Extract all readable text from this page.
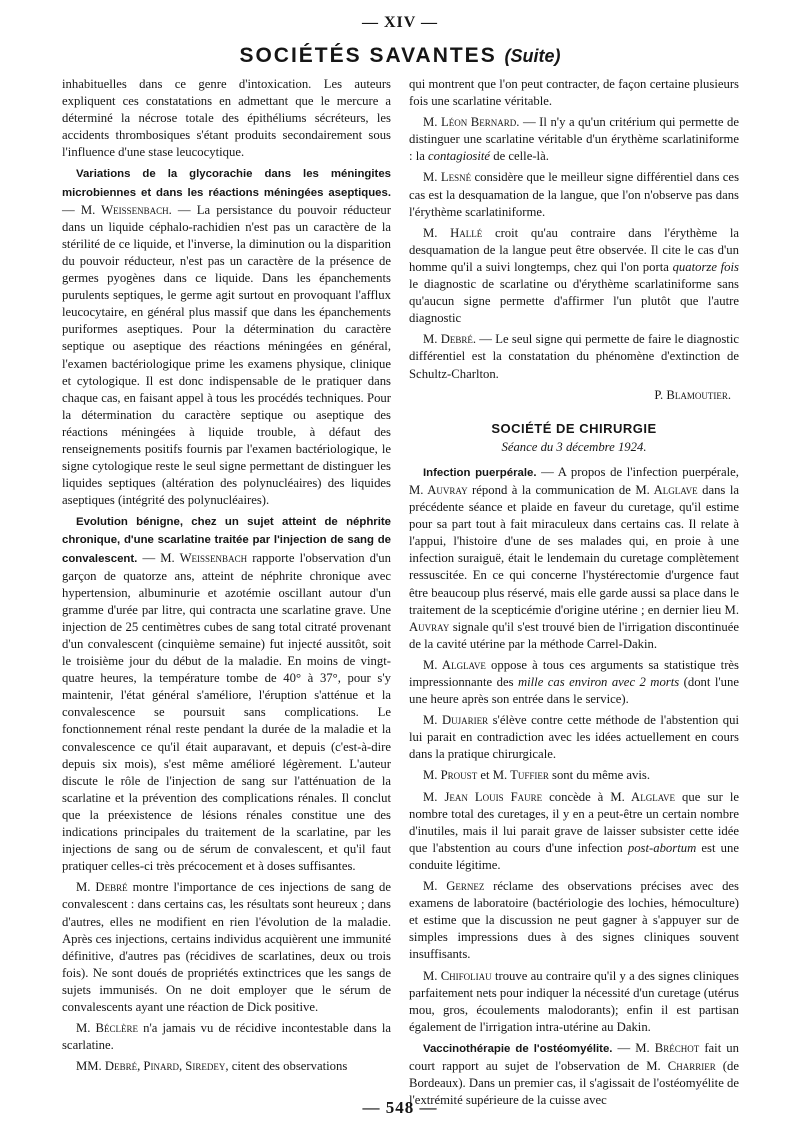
— XIV —
SOCIÉTÉS SAVANTES (Suite)

inhabituelles dans ce genre d'intoxication. Les auteurs expliquent ces constatations en admettant que le mercure a déterminé la nécrose totale des épithéliums sécréteurs, les accidents thrombosiques s'étant produits secondairement sous l'influence d'une stase leucocytique.

Variations de la glycorachie dans les méningites microbiennes et dans les réactions méningées aseptiques. — M. Weissenbach. — La persistance du pouvoir réducteur dans un liquide céphalo-rachidien n'est pas un caractère de la stérilité de ce liquide, et l'inverse, la diminution ou la disparition du pouvoir réducteur, n'est pas un caractère de la présence de germes pyogènes dans ce liquide. Dans les épanchements purulents septiques, le germe agit surtout en provoquant l'afflux leucocytaire, en général plus massif que dans les épanchements puriformes aseptiques. Pour la détermination du caractère septique ou aseptique des réactions méningées en général, l'examen bactériologique prime les examens physique, clinique et cytologique. Il est donc indispensable de le pratiquer dans chaque cas, en faisant appel à tous les procédés techniques. Pour la détermination du caractère septique ou aseptique des réactions méningées à liquide trouble, à défaut des renseignements positifs fournis par l'examen bactériologique, le signe cytologique reste le seul signe permettant de distinguer les liquides septiques (altération des polynucléaires) des liquides aseptiques (intégrité des polynucléaires).

Evolution bénigne, chez un sujet atteint de néphrite chronique, d'une scarlatine traitée par l'injection de sang de convalescent. — M. Weissenbach rapporte l'observation d'un garçon de quatorze ans, atteint de néphrite chronique avec hypertension, albuminurie et azotémie oscillant autour d'un gramme d'urée par litre, qui contracta une scarlatine grave. Une injection de 25 centimètres cubes de sang total citraté provenant d'un convalescent (cinquième semaine) fut injecté aussitôt, soit le troisième jour du début de la maladie. En moins de vingt-quatre heures, la température tombe de 40° à 37°, pour s'y maintenir, l'état général s'améliore, l'éruption s'atténue et la convalescence se poursuit sans complications. Le fonctionnement rénal reste pendant la durée de la maladie et la convalescence ce qu'il était auparavant, et depuis (c'est-à-dire depuis six mois), s'est même amélioré légèrement. L'auteur discute le rôle de l'injection de sang sur l'atténuation de la scarlatine et la prévention des complications rénales. Il conclut que la préexistence de lésions rénales constitue une des indications principales du traitement de la scarlatine, par les injections de sang ou de sérum de convalescent, et qu'il faut pratiquer celles-ci très précocement et à doses suffisantes.

M. Debré montre l'importance de ces injections de sang de convalescent : dans certains cas, les résultats sont heureux ; dans d'autres, elles ne modifient en rien l'évolution de la maladie. Après ces injections, certains individus acquièrent une immunité définitive, d'autres pas (récidives de scarlatines, deux ou trois fois). Ne sont doués de propriétés extinctrices que les sangs de sujets immunisés. On ne doit employer que le sérum de convalescents ayant une réaction de Dick positive.

M. Béclère n'a jamais vu de récidive incontestable dans la scarlatine.

MM. Debré, Pinard, Siredey, citent des observations

qui montrent que l'on peut contracter, de façon certaine plusieurs fois une scarlatine véritable.

M. Léon Bernard. — Il n'y a qu'un critérium qui permette de distinguer une scarlatine véritable d'un érythème scarlatiniforme : la contagiosité de celle-là.

M. Lesné considère que le meilleur signe différentiel dans ces cas est la desquamation de la langue, que l'on n'observe pas dans l'érythème scarlatiniforme.

M. Hallé croit qu'au contraire dans l'érythème la desquamation de la langue peut être observée. Il cite le cas d'un homme qu'il a suivi longtemps, chez qui l'on porta quatorze fois le diagnostic de scarlatine ou d'érythème scarlatiniforme sans qu'aucun signe permette d'affirmer l'un plutôt que l'autre diagnostic

M. Debré. — Le seul signe qui permette de faire le diagnostic différentiel est la constatation du phénomène d'extinction de Schultz-Charlton.

P. Blamoutier.

SOCIÉTÉ DE CHIRURGIE
Séance du 3 décembre 1924.

Infection puerpérale. — A propos de l'infection puerpérale, M. Auvray répond à la communication de M. Alglave dans la précédente séance et plaide en faveur du curetage, qu'il estime pour sa part tout à fait miraculeux dans certains cas. Il relate à l'appui, l'histoire d'une de ses malades qui, en proie à une infection suraiguë, était le lendemain du curetage complètement ressuscitée. En ce qui concerne l'hystérectomie d'urgence faut être beaucoup plus réservé, mais elle garde aussi sa place dans le traitement de la scepticémie d'origine utérine ; en dernier lieu M. Auvray signale qu'il s'est trouvé bien de l'irrigation discontinuée de la cavité utérine par la méthode Carrel-Dakin.

M. Alglave oppose à tous ces arguments sa statistique très impressionnante des mille cas environ avec 2 morts (dont l'une une heure après son entrée dans le service).

M. Dujarier s'élève contre cette méthode de l'abstention qui lui parait en contradiction avec les idées actuellement en cours dans la pratique chirurgicale.

M. Proust et M. Tuffier sont du même avis.

M. Jean Louis Faure concède à M. Alglave que sur le nombre total des curetages, il y en a peut-être un certain nombre d'inutiles, mais il lui parait grave de laisser subsister cette idée que l'abstention au cours d'une infection post-abortum est une conduite légitime.

M. Gernez réclame des observations précises avec des examens de laboratoire (bactériologie des lochies, hémoculture) et estime que la discussion ne peut gagner à s'appuyer sur de simples impressions dues à des signes cliniques souvent insuffisants.

M. Chifoliau trouve au contraire qu'il y a des signes cliniques parfaitement nets pour indiquer la nécessité d'un curetage (utérus mou, gros, écoulements malodorants); enfin il est partisan également de l'irrigation intra-utérine au Dakin.

Vaccinothérapie de l'ostéomyélite. — M. Bréchot fait un court rapport au sujet de l'observation de M. Charrier (de Bordeaux). Dans un premier cas, il s'agissait de l'ostéomyélite de l'extrémité supérieure de la cuisse avec

— 548 —
